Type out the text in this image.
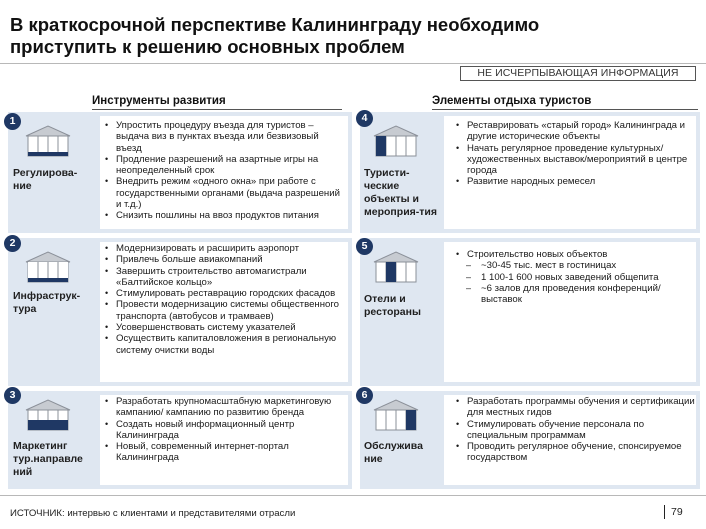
В краткосрочной перспективе Калининграду необходимо приступить к решению основных проблем
НЕ ИСЧЕРПЫВАЮЩАЯ ИНФОРМАЦИЯ
Инструменты развития	Элементы отдыха туристов
1
Регулирова-ние
• Упростить процедуру въезда для туристов – выдача виз в пунктах въезда или безвизовый въезд
• Продление разрешений на азартные игры на неопределенный срок
• Внедрить режим «одного окна» при работе с государственными органами (выдача разрешений и т.д.)
• Снизить пошлины на ввоз продуктов питания
2
Инфраструк-тура
• Модернизировать и расширить аэропорт
• Привлечь больше авиакомпаний
• Завершить строительство автомагистрали «Балтийское кольцо»
• Стимулировать реставрацию городских фасадов
• Провести модернизацию системы общественного транспорта (автобусов и трамваев)
• Усовершенствовать систему указателей
• Осуществить капиталовложения в региональную систему очистки воды
3
Маркетинг тур.направле ний
• Разработать крупномасштабную маркетинговую кампанию/ кампанию по развитию бренда
• Создать новый информационный центр Калининграда
• Новый, современный интернет-портал Калининграда
4
Туристи-ческие объекты и мероприя-тия
• Реставрировать «старый город» Калининграда и другие исторические объекты
• Начать регулярное проведение культурных/художественных выставок/мероприятий в центре города
• Развитие народных ремесел
5
Отели и рестораны
• Строительство новых объектов
– ~30-45 тыс. мест в гостиницах
– 1 100-1 600 новых заведений общепита
– ~6 залов для проведения конференций/выставок
6
Обслужива ние
• Разработать программы обучения и сертификации для местных гидов
• Стимулировать обучение персонала по специальным программам
• Проводить регулярное обучение, спонсируемое государством
ИСТОЧНИК: интервью с клиентами и представителями отрасли	79
